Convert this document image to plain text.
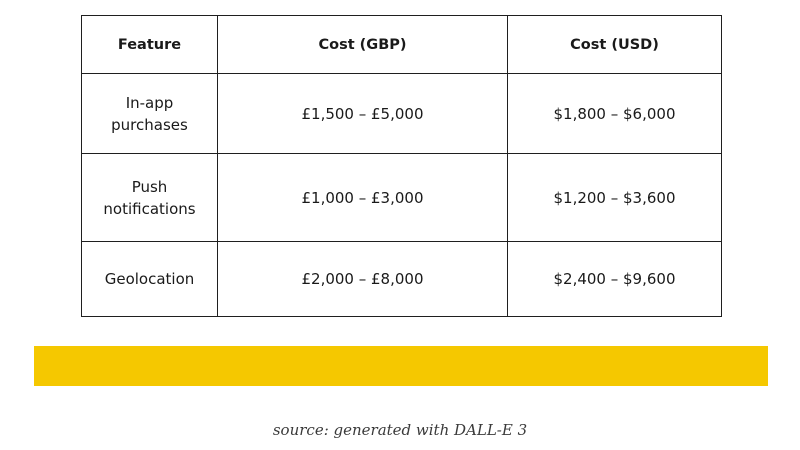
Feature	Cost (GBP)	Cost (USD)
In-app purchases	£1,500 – £5,000	$1,800 – $6,000
Push notifications	£1,000 – £3,000	$1,200 – $3,600
Geolocation	£2,000 – £8,000	$2,400 – $9,600
source: generated with DALL-E 3
